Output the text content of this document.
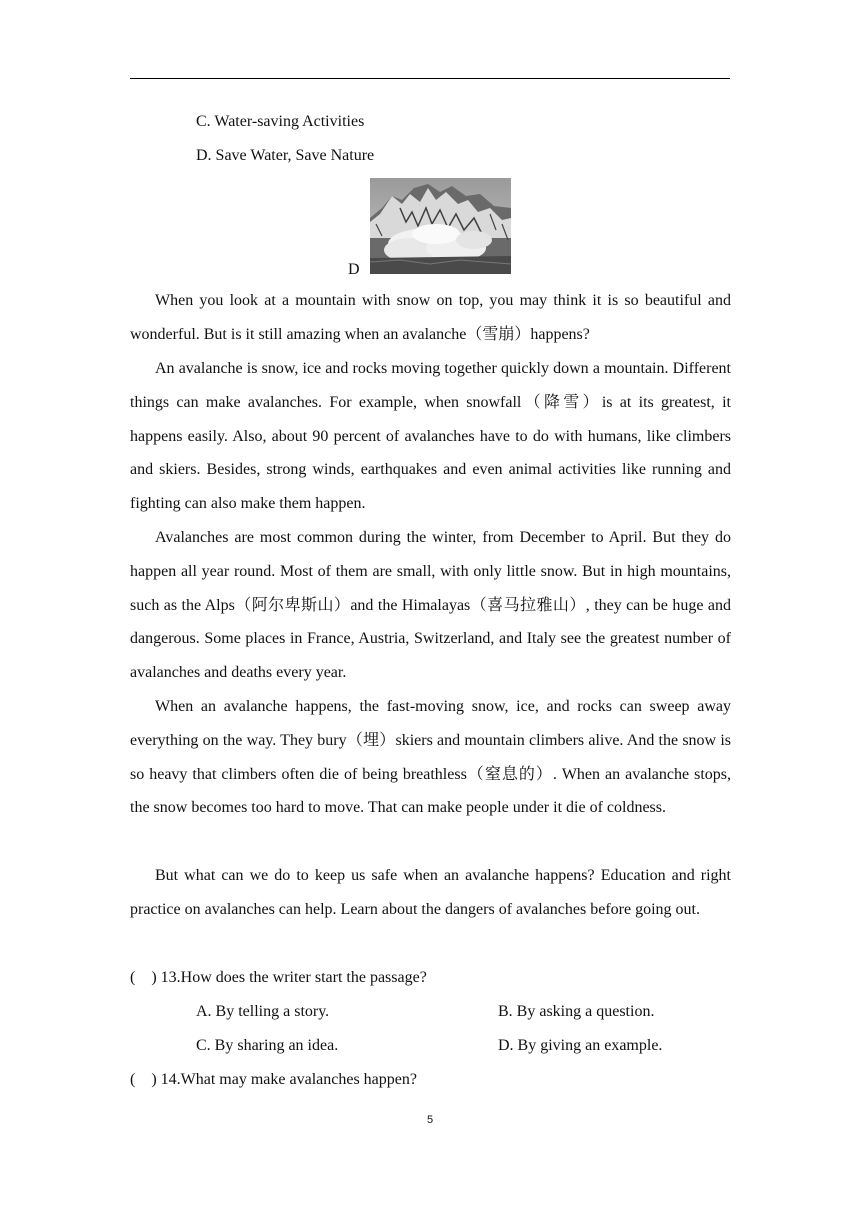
C. Water-saving Activities
D. Save Water, Save Nature
D

When you look at a mountain with snow on top, you may think it is so beautiful and wonderful. But is it still amazing when an avalanche（雪崩）happens?

An avalanche is snow, ice and rocks moving together quickly down a mountain. Different things can make avalanches. For example, when snowfall（降雪）is at its greatest, it happens easily. Also, about 90 percent of avalanches have to do with humans, like climbers and skiers. Besides, strong winds, earthquakes and even animal activities like running and fighting can also make them happen.

Avalanches are most common during the winter, from December to April. But they do happen all year round. Most of them are small, with only little snow. But in high mountains, such as the Alps（阿尔卑斯山）and the Himalayas（喜马拉雅山）, they can be huge and dangerous. Some places in France, Austria, Switzerland, and Italy see the greatest number of avalanches and deaths every year.

When an avalanche happens, the fast-moving snow, ice, and rocks can sweep away everything on the way. They bury（埋）skiers and mountain climbers alive. And the snow is so heavy that climbers often die of being breathless（窒息的）. When an avalanche stops, the snow becomes too hard to move. That can make people under it die of coldness.

But what can we do to keep us safe when an avalanche happens? Education and right practice on avalanches can help. Learn about the dangers of avalanches before going out.

(    ) 13.How does the writer start the passage?
A. By telling a story.	B. By asking a question.
C. By sharing an idea.	D. By giving an example.
(    ) 14.What may make avalanches happen?
5
